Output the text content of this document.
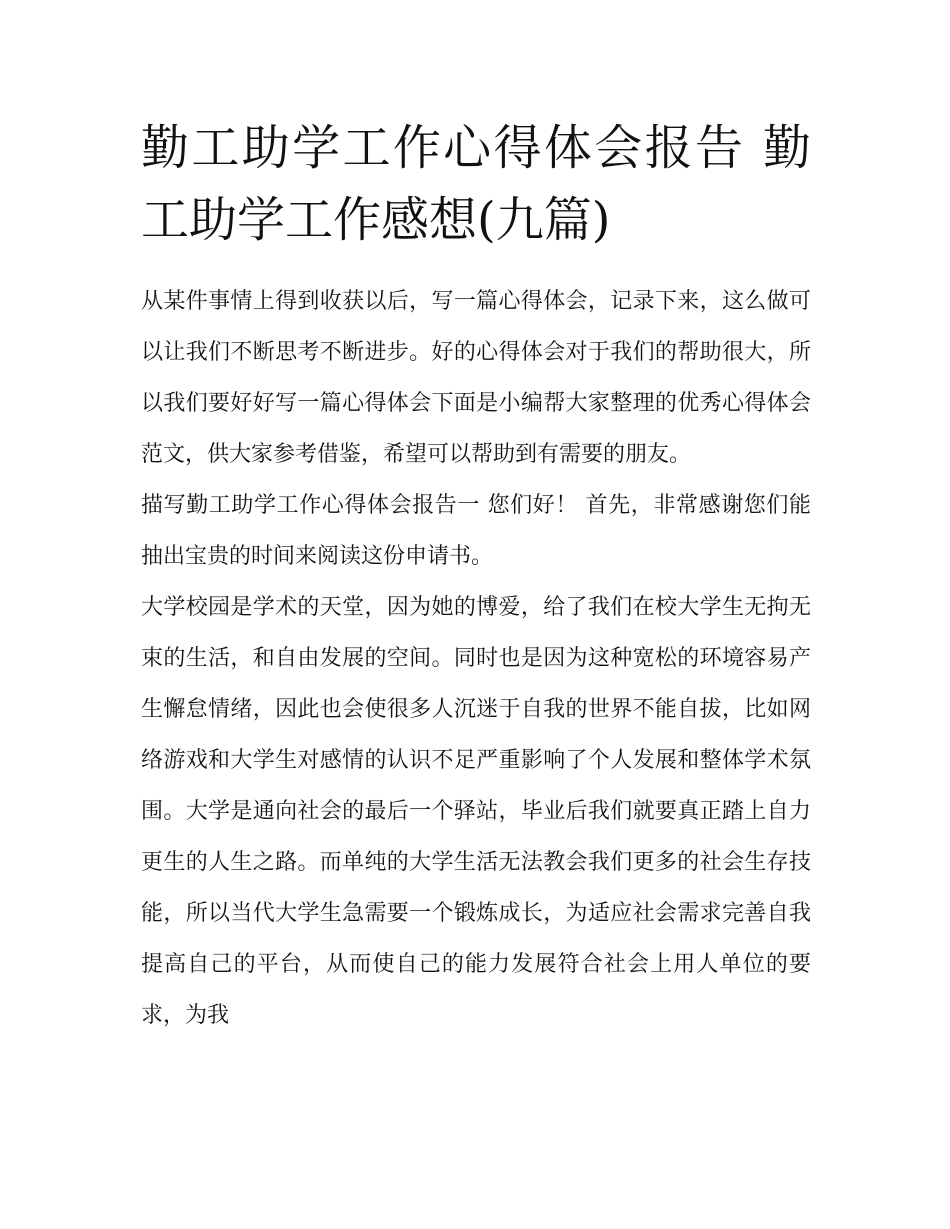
勤工助学工作心得体会报告 勤工助学工作感想(九篇)

从某件事情上得到收获以后，写一篇心得体会，记录下来，这么做可以让我们不断思考不断进步。好的心得体会对于我们的帮助很大，所以我们要好好写一篇心得体会下面是小编帮大家整理的优秀心得体会范文，供大家参考借鉴，希望可以帮助到有需要的朋友。

描写勤工助学工作心得体会报告一 您们好！ 首先，非常感谢您们能抽出宝贵的时间来阅读这份申请书。

大学校园是学术的天堂，因为她的博爱，给了我们在校大学生无拘无束的生活，和自由发展的空间。同时也是因为这种宽松的环境容易产生懈怠情绪，因此也会使很多人沉迷于自我的世界不能自拔，比如网络游戏和大学生对感情的认识不足严重影响了个人发展和整体学术氛围。大学是通向社会的最后一个驿站，毕业后我们就要真正踏上自力更生的人生之路。而单纯的大学生活无法教会我们更多的社会生存技能，所以当代大学生急需要一个锻炼成长，为适应社会需求完善自我提高自己的平台，从而使自己的能力发展符合社会上用人单位的要求，为我
